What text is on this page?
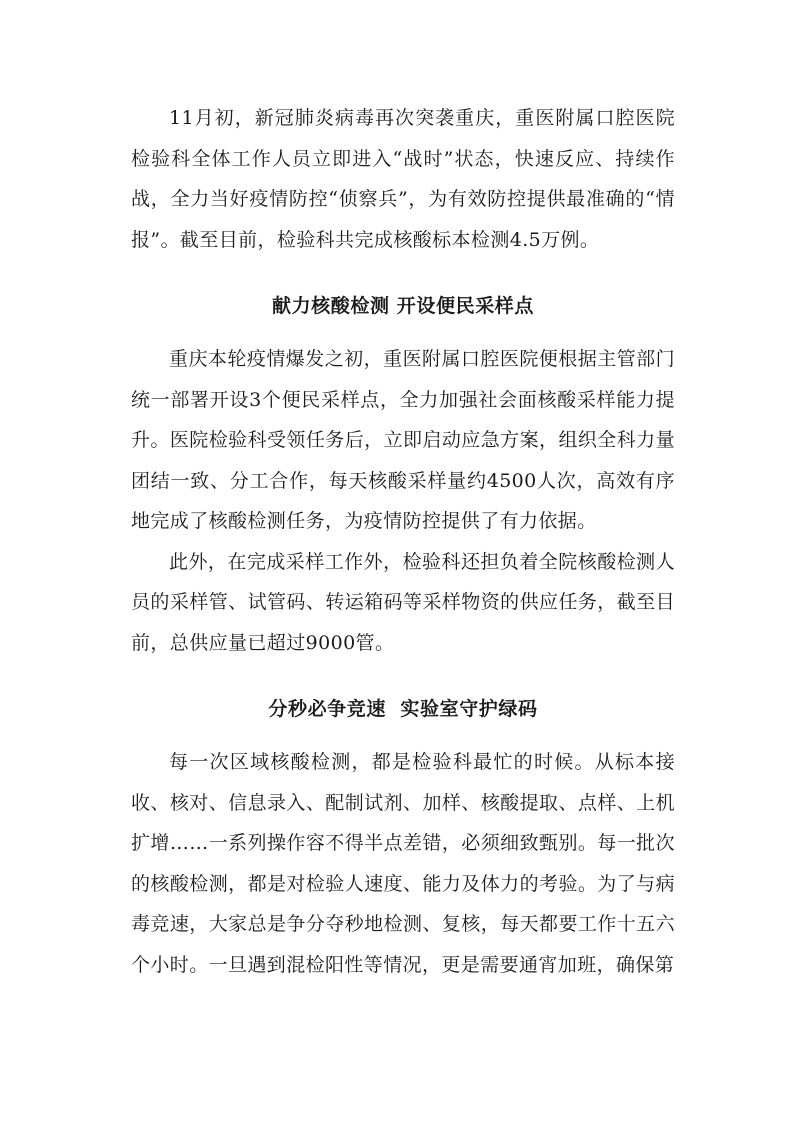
11月初，新冠肺炎病毒再次突袭重庆，重医附属口腔医院检验科全体工作人员立即进入“战时”状态，快速反应、持续作战，全力当好疫情防控“侦察兵”，为有效防控提供最准确的“情报”。截至目前，检验科共完成核酸标本检测4.5万例。

献力核酸检测 开设便民采样点

重庆本轮疫情爆发之初，重医附属口腔医院便根据主管部门统一部署开设3个便民采样点，全力加强社会面核酸采样能力提升。医院检验科受领任务后，立即启动应急方案，组织全科力量团结一致、分工合作，每天核酸采样量约4500人次，高效有序地完成了核酸检测任务，为疫情防控提供了有力依据。

此外，在完成采样工作外，检验科还担负着全院核酸检测人员的采样管、试管码、转运箱码等采样物资的供应任务，截至目前，总供应量已超过9000管。

分秒必争竞速  实验室守护绿码

每一次区域核酸检测，都是检验科最忙的时候。从标本接收、核对、信息录入、配制试剂、加样、核酸提取、点样、上机扩增……一系列操作容不得半点差错，必须细致甄别。每一批次的核酸检测，都是对检验人速度、能力及体力的考验。为了与病毒竞速，大家总是争分夺秒地检测、复核，每天都要工作十五六个小时。一旦遇到混检阳性等情况，更是需要通宵加班，确保第
